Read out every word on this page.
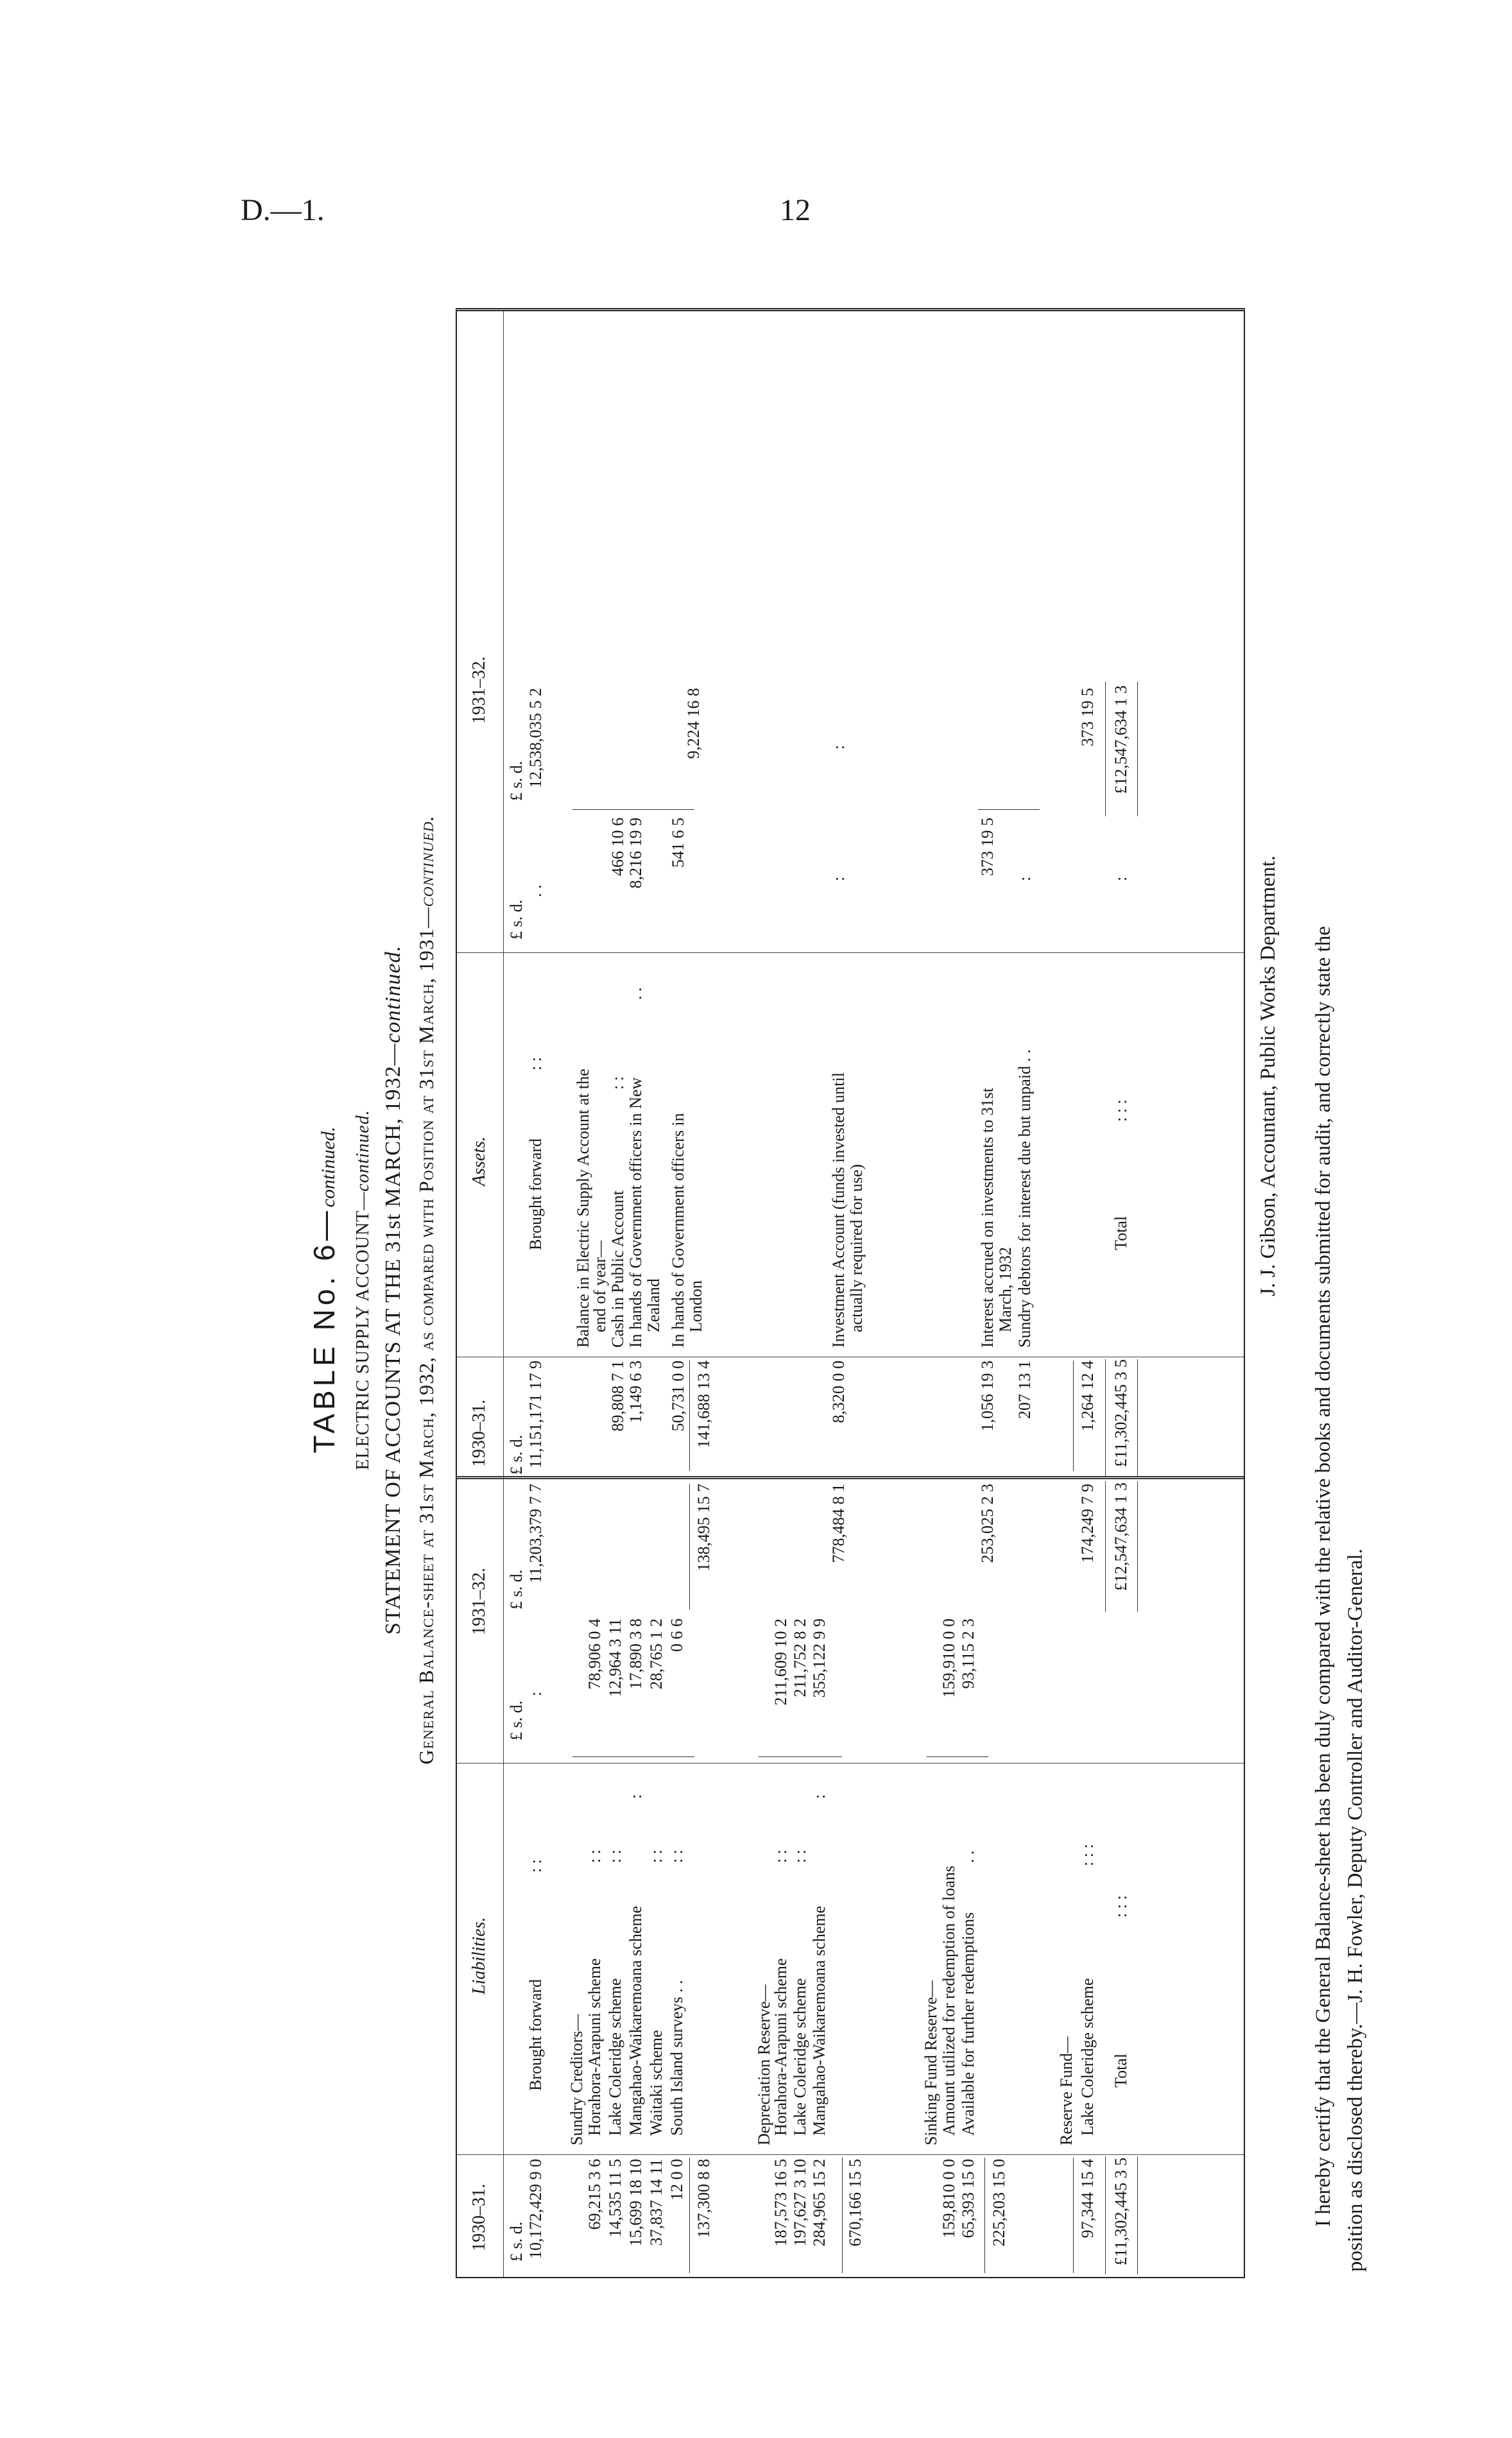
D.—1.	12
TABLE No. 6—continued.
ELECTRIC SUPPLY ACCOUNT—continued. STATEMENT OF ACCOUNTS AT THE 31st MARCH, 1932—continued. General Balance-sheet at 31st March, 1932, as compared with Position at 31st March, 1931—continued.
1930–31.
Liabilities.
1931–32.
1930–31.
Assets.
1931–32.
£ s. d.
£ s. d.
£ s. d.
£ s. d.
£ s. d.
£ s. d.
10,172,429 9 0
Brought forward
: :
:
11,203,379 7 7
Sundry Creditors—
69,215 3 6
Horahora-Arapuni scheme
: :
78,906 0 4
14,535 11 5
Lake Coleridge scheme
: :
12,964 3 11
15,699 18 10
Mangahao-Waikaremoana scheme
:
17,890 3 8
37,837 14 11
Waitaki scheme
: :
28,765 1 2
12 0 0
South Island surveys . .
: :
0 6 6
137,300 8 8
138,495 15 7
Depreciation Reserve—
187,573 16 5
Horahora-Arapuni scheme
: :
211,609 10 2
197,627 3 10
Lake Coleridge scheme
: :
211,752 8 2
284,965 15 2
Mangahao-Waikaremoana scheme
:
355,122 9 9
670,166 15 5
778,484 8 1
Sinking Fund Reserve—
159,810 0 0
Amount utilized for redemption of loans
159,910 0 0
65,393 15 0
Available for further redemptions
. .
93,115 2 3
225,203 15 0
253,025 2 3
Reserve Fund—
97,344 15 4
Lake Coleridge scheme
: : :
174,249 7 9
£11,302,445 3 5
Total
: : :
£12,547,634 1 3
11,151,171 17 9
Brought forward
: :
. .
12,538,035 5 2
Balance in Electric Supply Account at the
end of year— Cash in Public Account
: :
89,808 7 1
466 10 6
In hands of Government officers in New Zealand
. .
1,149 6 3
8,216 19 9
In hands of Government officers in London
50,731 0 0
541 6 5
141,688 13 4
9,224 16 8
Investment Account (funds invested until actually required for use)
8,320 0 0
:
:
Interest accrued on investments to 31st March, 1932
1,056 19 3
373 19 5
Sundry debtors for interest due but unpaid . .
207 13 1
:
1,264 12 4
373 19 5
£11,302,445 3 5
Total
: : :
:
£12,547,634 1 3
J. J. Gibson, Accountant, Public Works Department. I hereby certify that the General Balance-sheet has been duly compared with the relative books and documents submitted for audit, and correctly state the position as disclosed thereby.—J. H. Fowler, Deputy Controller and Auditor-General.
